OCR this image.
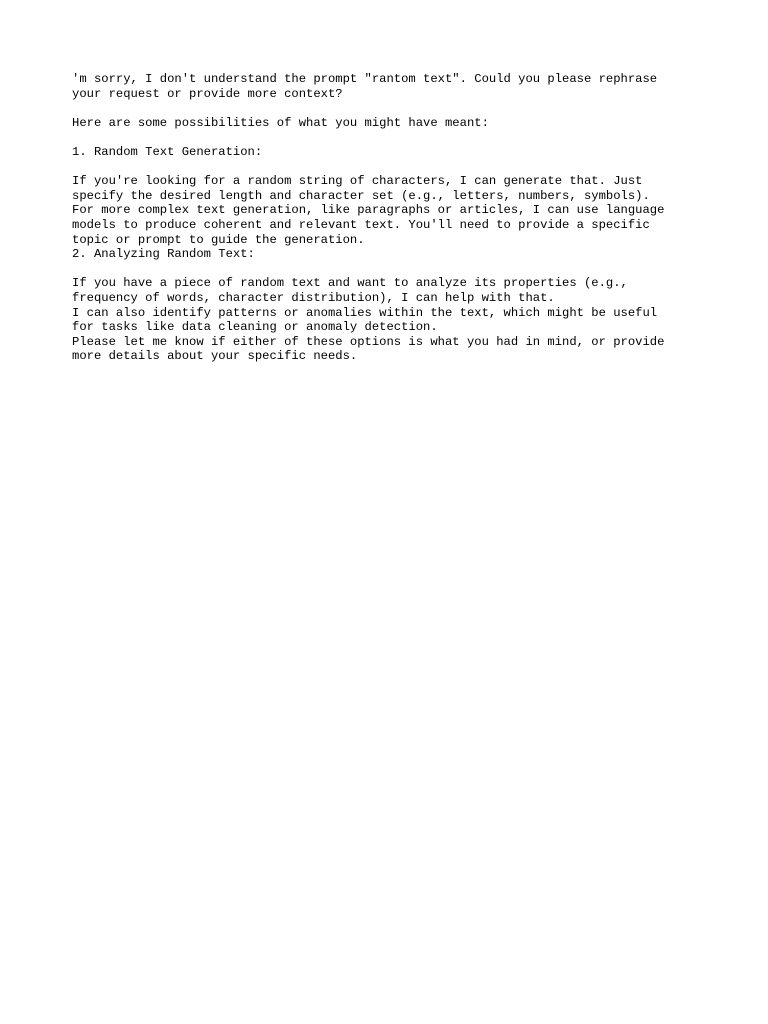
'm sorry, I don't understand the prompt "rantom text". Could you please rephrase
your request or provide more context?
Here are some possibilities of what you might have meant:
1. Random Text Generation:
If you're looking for a random string of characters, I can generate that. Just
specify the desired length and character set (e.g., letters, numbers, symbols).
For more complex text generation, like paragraphs or articles, I can use language
models to produce coherent and relevant text. You'll need to provide a specific
topic or prompt to guide the generation.
2. Analyzing Random Text:
If you have a piece of random text and want to analyze its properties (e.g.,
frequency of words, character distribution), I can help with that.
I can also identify patterns or anomalies within the text, which might be useful
for tasks like data cleaning or anomaly detection.
Please let me know if either of these options is what you had in mind, or provide
more details about your specific needs.
